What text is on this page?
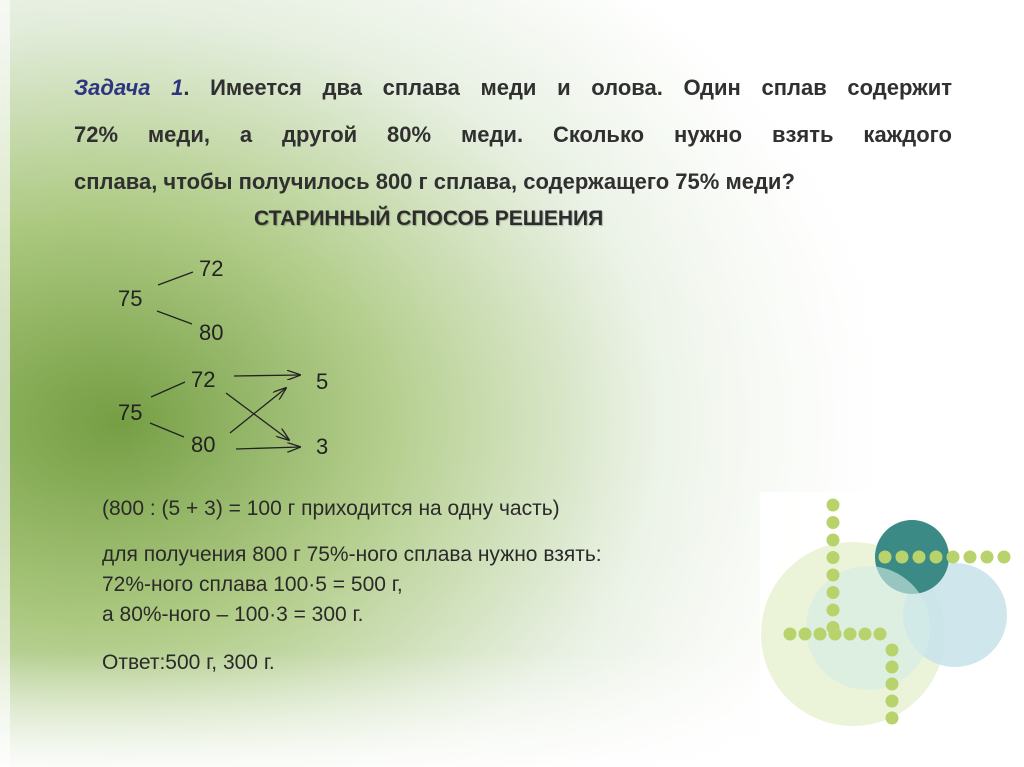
Задача 1. Имеется два сплава меди и олова. Один сплав содержит
72% меди, а другой 80% меди. Сколько нужно взять каждого
сплава, чтобы получилось 800 г сплава, содержащего 75% меди?
СТАРИННЫЙ СПОСОБ РЕШЕНИЯ
75
72
80
75
72
80
5
3
(800 : (5 + 3) = 100 г приходится на одну часть)
для получения 800 г 75%-ного сплава нужно взять:
72%-ного сплава 100·5 = 500 г,
а 80%-ного – 100·3 = 300 г.
Ответ:500 г, 300 г.
